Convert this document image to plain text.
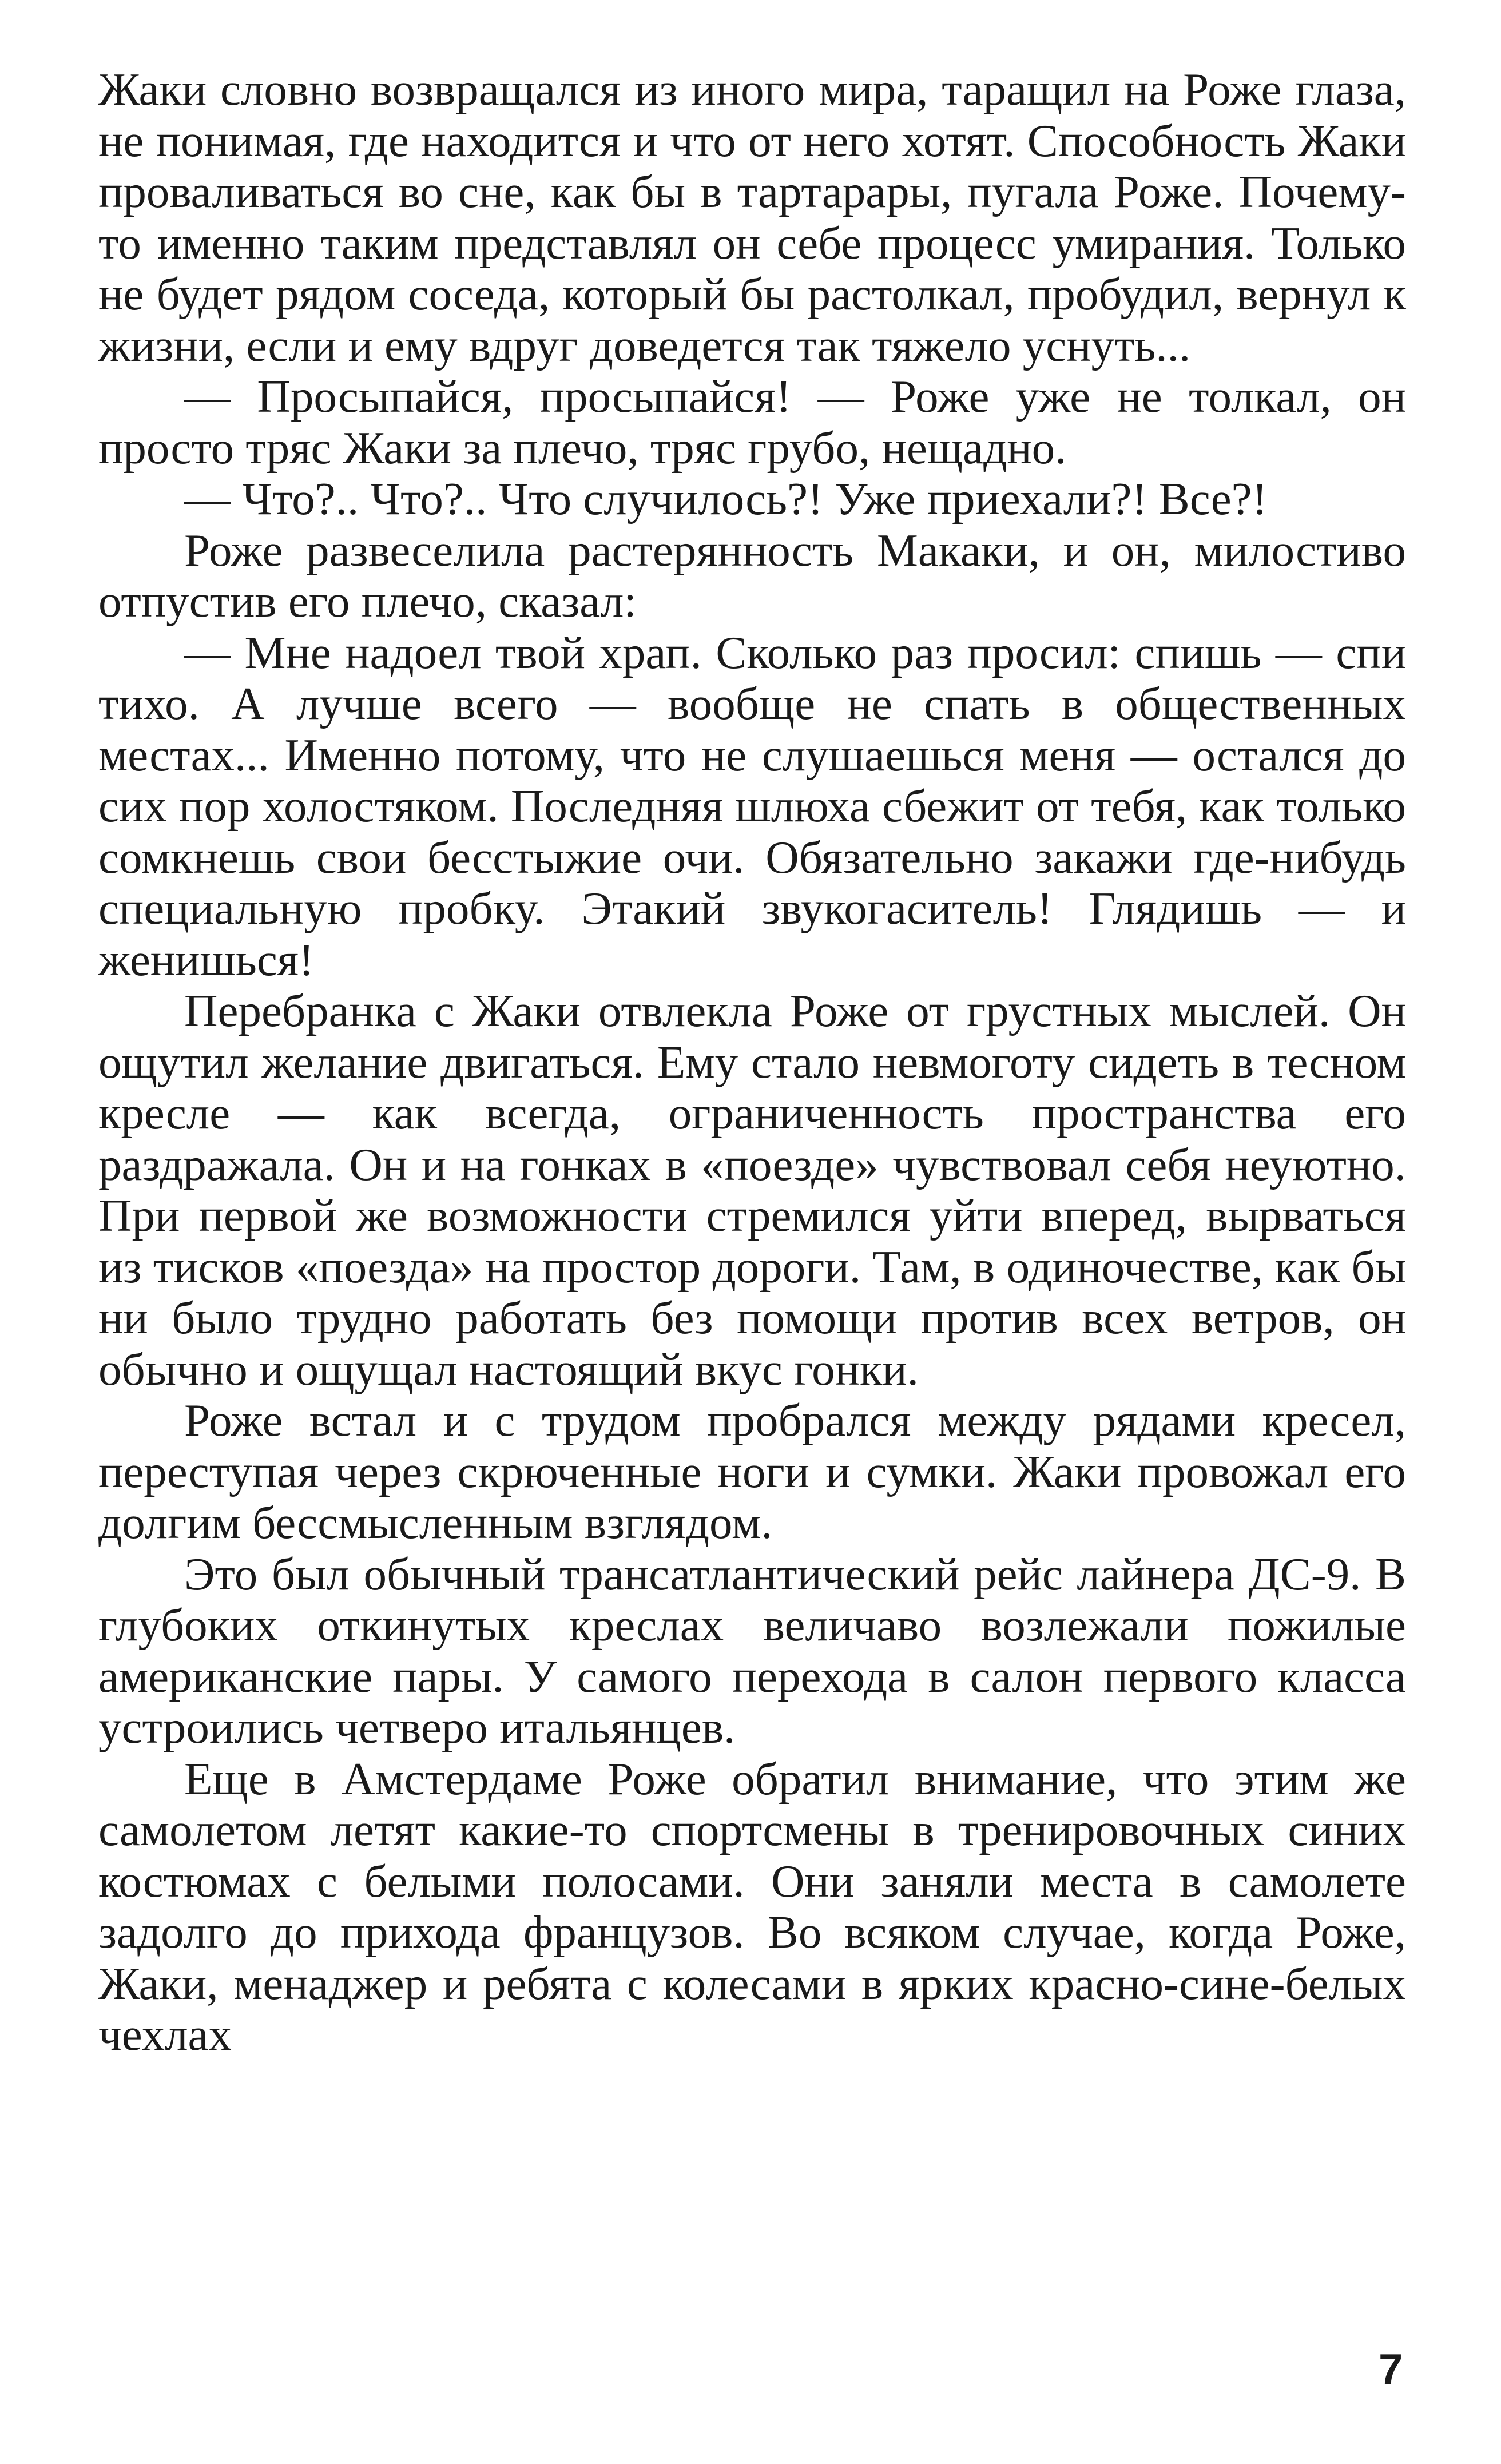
Жаки словно возвращался из иного мира, таращил на Роже глаза, не понимая, где находится и что от него хотят. Способность Жаки проваливаться во сне, как бы в тартарары, пугала Роже. Почему-то именно таким представлял он себе процесс умирания. Только не будет рядом соседа, который бы растолкал, пробудил, вернул к жизни, если и ему вдруг доведется так тяжело уснуть...

— Просыпайся, просыпайся! — Роже уже не толкал, он просто тряс Жаки за плечо, тряс грубо, нещадно.

— Что?.. Что?.. Что случилось?! Уже приехали?! Все?!

Роже развеселила растерянность Макаки, и он, милостиво отпустив его плечо, сказал:

— Мне надоел твой храп. Сколько раз просил: спишь — спи тихо. А лучше всего — вообще не спать в общественных местах... Именно потому, что не слушаешься меня — остался до сих пор холостяком. Последняя шлюха сбежит от тебя, как только сомкнешь свои бесстыжие очи. Обязательно закажи где-нибудь специальную пробку. Этакий звукогаситель! Глядишь — и женишься!

Перебранка с Жаки отвлекла Роже от грустных мыслей. Он ощутил желание двигаться. Ему стало невмоготу сидеть в тесном кресле — как всегда, ограниченность пространства его раздражала. Он и на гонках в «поезде» чувствовал себя неуютно. При первой же возможности стремился уйти вперед, вырваться из тисков «поезда» на простор дороги. Там, в одиночестве, как бы ни было трудно работать без помощи против всех ветров, он обычно и ощущал настоящий вкус гонки.

Роже встал и с трудом пробрался между рядами кресел, переступая через скрюченные ноги и сумки. Жаки провожал его долгим бессмысленным взглядом.

Это был обычный трансатлантический рейс лайнера ДС-9. В глубоких откинутых креслах величаво возлежали пожилые американские пары. У самого перехода в салон первого класса устроились четверо итальянцев.

Еще в Амстердаме Роже обратил внимание, что этим же самолетом летят какие-то спортсмены в тренировочных синих костюмах с белыми полосами. Они заняли места в самолете задолго до прихода французов. Во всяком случае, когда Роже, Жаки, менаджер и ребята с колесами в ярких красно-сине-белых чехлах

7
